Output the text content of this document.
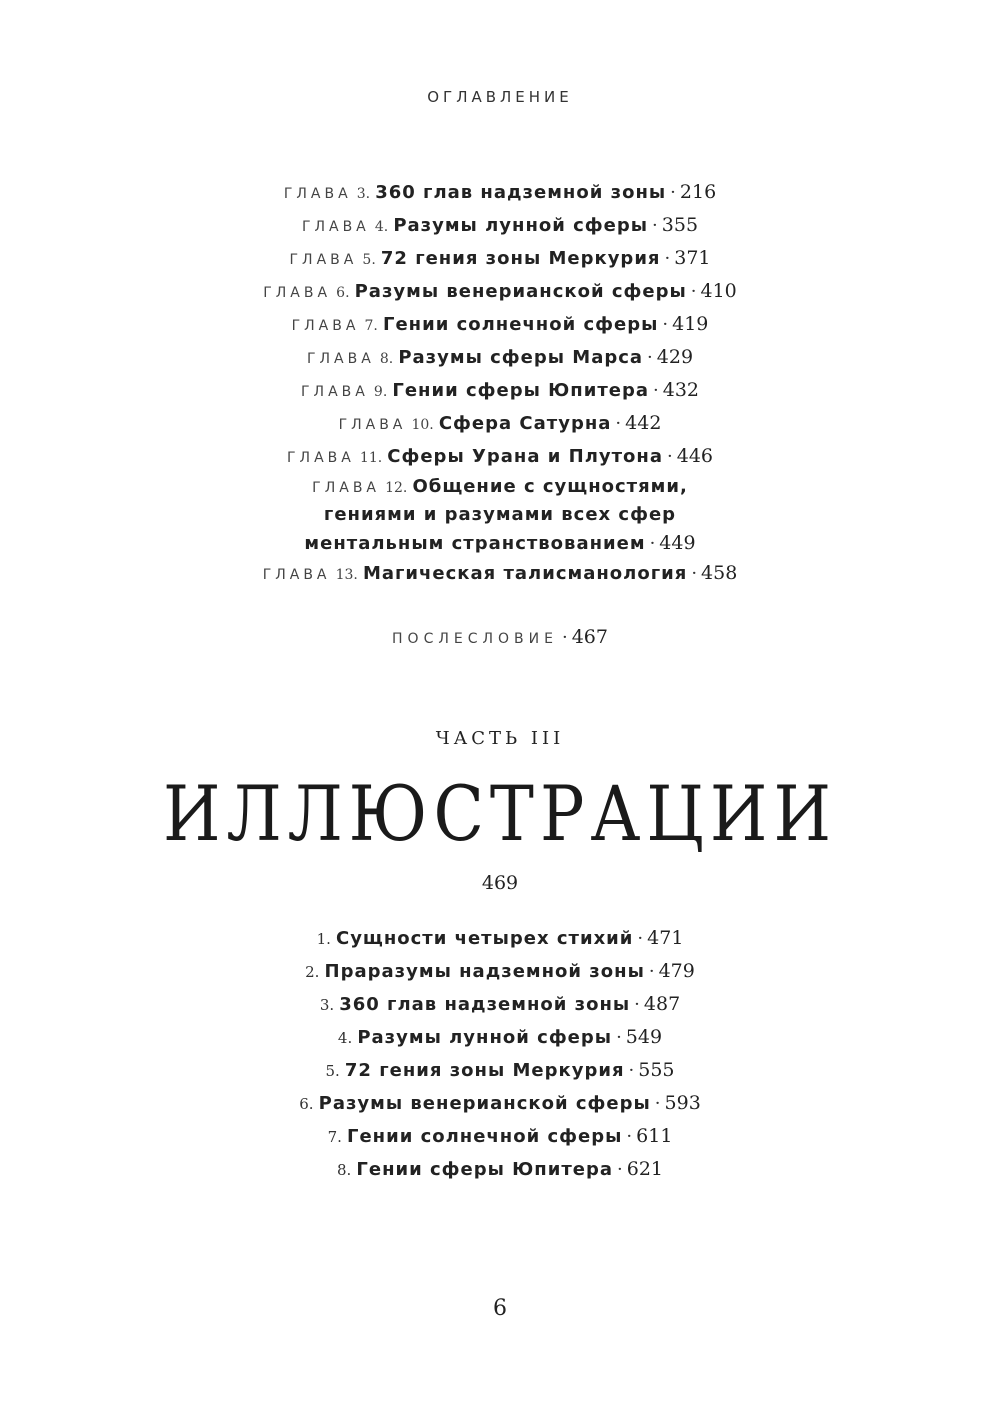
ОГЛАВЛЕНИЕ
ГЛАВА 3. 360 глав надземной зоны · 216
ГЛАВА 4. Разумы лунной сферы · 355
ГЛАВА 5. 72 гения зоны Меркурия · 371
ГЛАВА 6. Разумы венерианской сферы · 410
ГЛАВА 7. Гении солнечной сферы · 419
ГЛАВА 8. Разумы сферы Марса · 429
ГЛАВА 9. Гении сферы Юпитера · 432
ГЛАВА 10. Сфера Сатурна · 442
ГЛАВА 11. Сферы Урана и Плутона · 446
ГЛАВА 12. Общение с сущностями,
гениями и разумами всех сфер
ментальным странствованием · 449
ГЛАВА 13. Магическая талисманология · 458
ПОСЛЕСЛОВИЕ · 467
ЧАСТЬ III
ИЛЛЮСТРАЦИИ
469
1. Сущности четырех стихий · 471
2. Праразумы надземной зоны · 479
3. 360 глав надземной зоны · 487
4. Разумы лунной сферы · 549
5. 72 гения зоны Меркурия · 555
6. Разумы венерианской сферы · 593
7. Гении солнечной сферы · 611
8. Гении сферы Юпитера · 621
6
